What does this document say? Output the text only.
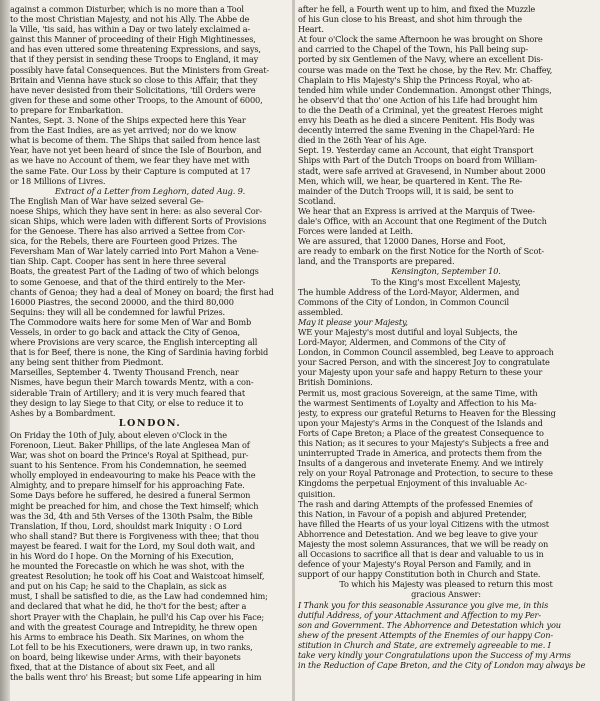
against a common Disturber, which is no more than a Tool
to the most Christian Majesty, and not his Ally. The Abbe de
la Ville, 'tis said, has within a Day or two lately exclaimed a-
gainst this Manner of proceeding of their High Mightinesses,
and has even uttered some threatening Expressions, and says,
that if they persist in sending these Troops to England, it may
possibly have fatal Consequences. But the Ministers from Great-
Britain and Vienna have stuck so close to this Affair, that they
have never desisted from their Solicitations, 'till Orders were
given for these and some other Troops, to the Amount of 6000,
to prepare for Embarkation.
Nantes, Sept. 3. None of the Ships expected here this Year
from the East Indies, are as yet arrived; nor do we know
what is become of them. The Ships that sailed from hence last
Year, have not yet been heard of since the Isle of Bourbon, and
as we have no Account of them, we fear they have met with
the same Fate. Our Loss by their Capture is computed at 17
or 18 Millions of Livres.
Extract of a Letter from Leghorn, dated Aug. 9.
The English Man of War have seized several Ge-
noese Ships, which they have sent in here: as also several Cor-
sican Ships, which were laden with different Sorts of Provisions
for the Genoese. There has also arrived a Settee from Cor-
sica, for the Rebels, there are Fourteen good Prizes. The
Feversham Man of War lately carried into Port Mahon a Vene-
tian Ship. Capt. Cooper has sent in here three several
Boats, the greatest Part of the Lading of two of which belongs
to some Genoese, and that of the third entirely to the Mer-
chants of Genoa; they had a deal of Money on board; the first had
16000 Piastres, the second 20000, and the third 80,000
Sequins: they will all be condemned for lawful Prizes.
The Commodore waits here for some Men of War and Bomb
Vessels, in order to go back and attack the City of Genoa,
where Provisions are very scarce, the English intercepting all
that is for Beef, there is none, the King of Sardinia having forbid
any being sent thither from Piedmont.
Marseilles, September 4. Twenty Thousand French, near
Nismes, have begun their March towards Mentz, with a con-
siderable Train of Artillery; and it is very much feared that
they design to lay Siege to that City, or else to reduce it to
Ashes by a Bombardment.
LONDON.
On Friday the 10th of July, about eleven o'Clock in the
Forenoon, Lieut. Baker Phillips, of the late Anglesea Man of
War, was shot on board the Prince's Royal at Spithead, pur-
suant to his Sentence. From his Condemnation, he seemed
wholly employed in endeavouring to make his Peace with the
Almighty, and to prepare himself for his approaching Fate.
Some Days before he suffered, he desired a funeral Sermon
might be preached for him, and chose the Text himself; which
was the 3d, 4th and 5th Verses of the 130th Psalm, the Bible
Translation, If thou, Lord, shouldst mark Iniquity : O Lord
who shall stand? But there is Forgiveness with thee; that thou
mayest be feared. I wait for the Lord, my Soul doth wait, and
in his Word do I hope. On the Morning of his Execution,
he mounted the Forecastle on which he was shot, with the
greatest Resolution; he took off his Coat and Waistcoat himself,
and put on his Cap; he said to the Chaplain, as sick as
must, I shall be satisfied to die, as the Law had condemned him;
and declared that what he did, he tho't for the best; after a
short Prayer with the Chaplain, he pull'd his Cap over his Face;
and with the greatest Courage and Intrepidity, he threw open
his Arms to embrace his Death. Six Marines, on whom the
Lot fell to be his Executioners, were drawn up, in two ranks,
on board, being likewise under Arms, with their bayonets
fixed, that at the Distance of about six Feet, and all
the balls went thro' his Breast; but some Life appearing in him
after he fell, a Fourth went up to him, and fixed the Muzzle
of his Gun close to his Breast, and shot him through the
Heart.
At four o'Clock the same Afternoon he was brought on Shore
and carried to the Chapel of the Town, his Pall being sup-
ported by six Gentlemen of the Navy, where an excellent Dis-
course was made on the Text he chose, by the Rev. Mr. Chaffey,
Chaplain to His Majesty's Ship the Princess Royal, who at-
tended him while under Condemnation. Amongst other Things,
he observ'd that tho' one Action of his Life had brought him
to die the Death of a Criminal, yet the greatest Heroes might
envy his Death as he died a sincere Penitent. His Body was
decently interred the same Evening in the Chapel-Yard: He
died in the 26th Year of his Age.
Sept. 19. Yesterday came an Account, that eight Transport
Ships with Part of the Dutch Troops on board from William-
stadt, were safe arrived at Gravesend, in Number about 2000
Men, which will, we hear, be quartered in Kent. The Re-
mainder of the Dutch Troops will, it is said, be sent to
Scotland.
We hear that an Express is arrived at the Marquis of Twee-
dale's Office, with an Account that one Regiment of the Dutch
Forces were landed at Leith.
We are assured, that 12000 Danes, Horse and Foot,
are ready to embark on the first Notice for the North of Scot-
land, and the Transports are prepared.
Kensington, September 10.
To the King's most Excellent Majesty,
The humble Address of the Lord-Mayor, Aldermen, and
Commons of the City of London, in Common Council
assembled.
May it please your Majesty,
WE your Majesty's most dutiful and loyal Subjects, the
Lord-Mayor, Aldermen, and Commons of the City of
London, in Common Council assembled, beg Leave to approach
your Sacred Person, and with the sincerest Joy to congratulate
your Majesty upon your safe and happy Return to these your
British Dominions.
Permit us, most gracious Sovereign, at the same Time, with
the warmest Sentiments of Loyalty and Affection to his Ma-
jesty, to express our grateful Returns to Heaven for the Blessing
upon your Majesty's Arms in the Conquest of the Islands and
Forts of Cape Breton; a Place of the greatest Consequence to
this Nation; as it secures to your Majesty's Subjects a free and
uninterrupted Trade in America, and protects them from the
Insults of a dangerous and inveterate Enemy. And we intirely
rely on your Royal Patronage and Protection, to secure to these
Kingdoms the perpetual Enjoyment of this invaluable Ac-
quisition.
The rash and daring Attempts of the professed Enemies of
this Nation, in Favour of a popish and abjured Pretender,
have filled the Hearts of us your loyal Citizens with the utmost
Abhorrence and Detestation. And we beg leave to give your
Majesty the most solemn Assurances, that we will be ready on
all Occasions to sacrifice all that is dear and valuable to us in
defence of your Majesty's Royal Person and Family, and in
support of our happy Constitution both in Church and State.
To which his Majesty was pleased to return this most
gracious Answer:
I Thank you for this seasonable Assurance you give me, in this
dutiful Address, of your Attachment and Affection to my Per-
son and Government. The Abhorrence and Detestation which you
shew of the present Attempts of the Enemies of our happy Con-
stitution in Church and State, are extremely agreeable to me. I
take very kindly your Congratulations upon the Success of my Arms
in the Reduction of Cape Breton, and the City of London may always be
